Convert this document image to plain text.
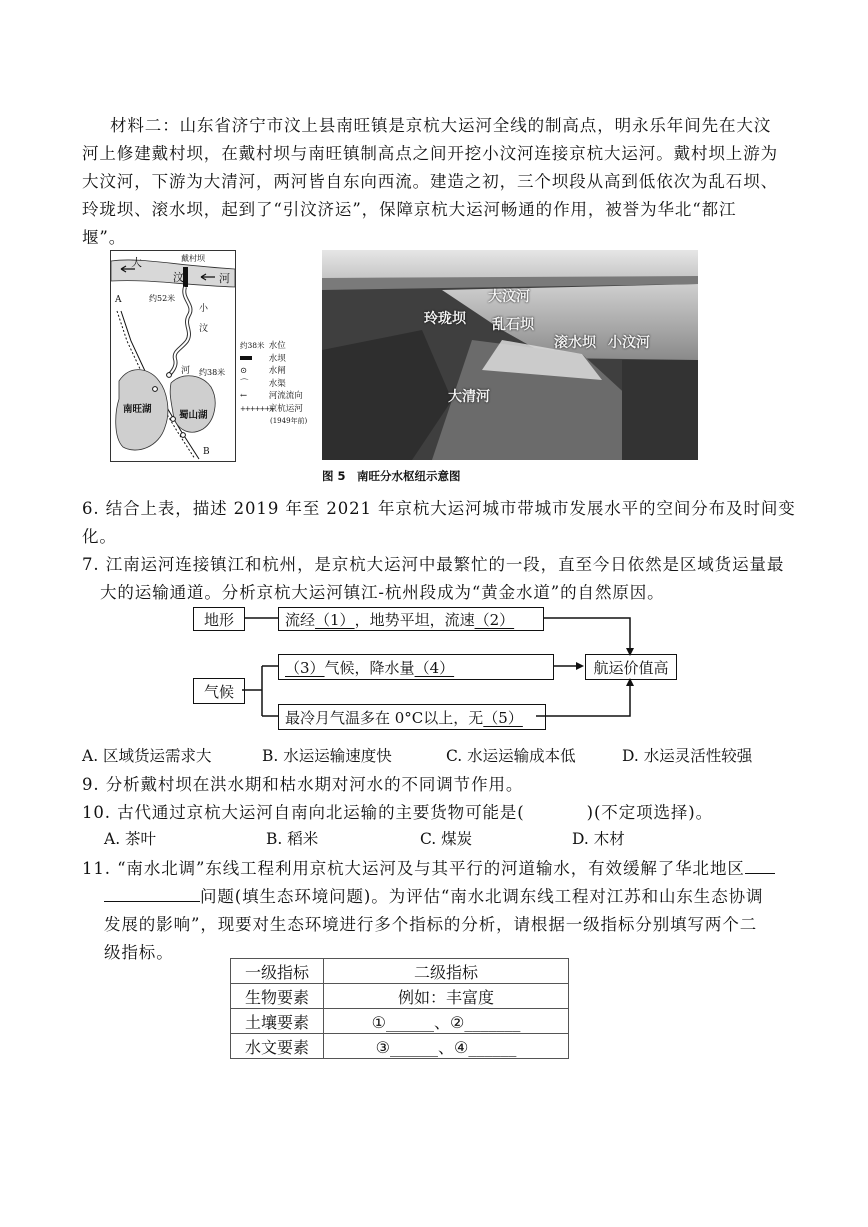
材料二：山东省济宁市汶上县南旺镇是京杭大运河全线的制高点，明永乐年间先在大汶
河上修建戴村坝，在戴村坝与南旺镇制高点之间开挖小汶河连接京杭大运河。戴村坝上游为
大汶河，下游为大清河，两河皆自东向西流。建造之初，三个坝段从高到低依次为乱石坝、
玲珑坝、滚水坝，起到了“引汶济运”，保障京杭大运河畅通的作用，被誉为华北“都江
堰”。
大
汶	河
戴村坝
约52米
小
汶
河 约38米
南旺湖
蜀山湖
A
B
约38米 水位
水坝
⊙	水闸
⌒ 水渠
←	河流流向
+++++++ 京杭运河
(1949年前)
玲珑坝 乱石坝
滚水坝 小汶河
大汶河
大清河
图 5　南旺分水枢纽示意图
6. 结合上表，描述 2019 年至 2021 年京杭大运河城市带城市发展水平的空间分布及时间变
化。
7. 江南运河连接镇江和杭州，是京杭大运河中最繁忙的一段，直至今日依然是区域货运量最
大的运输通道。分析京杭大运河镇江-杭州段成为“黄金水道”的自然原因。
地形	流经 （1） ，地势平坦，流速 （2）
（3） 气候，降水量 （4）
气候
航运价值高
最冷月气温多在 0°C以上，无 （5）
A. 区域货运需求大	B. 水运运输速度快	C. 水运运输成本低	D. 水运灵活性较强
9. 分析戴村坝在洪水期和枯水期对河水的不同调节作用。
10. 古代通过京杭大运河自南向北运输的主要货物可能是(	)(不定项选择)。
A. 茶叶	B. 稻米	C. 煤炭	D. 木材
11. “南水北调”东线工程利用京杭大运河及与其平行的河道输水，有效缓解了华北地区
问题(填生态环境问题)。为评估“南水北调东线工程对江苏和山东生态协调
发展的影响”，现要对生态环境进行多个指标的分析，请根据一级指标分别填写两个二
级指标。
一级指标	二级指标
生物要素	例如：丰富度
土壤要素	①______、②_______
水文要素	③______、④______
